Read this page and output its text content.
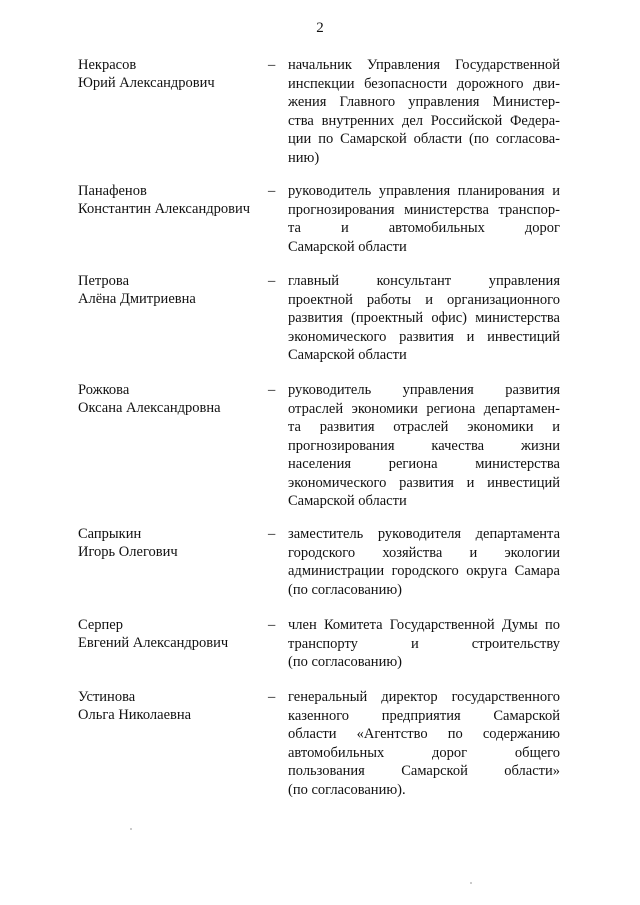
2
Некрасов
Юрий Александрович
– начальник Управления Государственной
инспекции безопасности дорожного дви-
жения Главного управления Министер-
ства внутренних дел Российской Федера-
ции по Самарской области (по согласова-
нию)
Панафенов
Константин Александрович
– руководитель управления планирования и
прогнозирования министерства транспор-
та и автомобильных дорог
Самарской области
Петрова
Алёна Дмитриевна
– главный консультант управления
проектной работы и организационного
развития (проектный офис) министерства
экономического развития и инвестиций
Самарской области
Рожкова
Оксана Александровна
– руководитель управления развития
отраслей экономики региона департамен-
та развития отраслей экономики и
прогнозирования качества жизни
населения региона министерства
экономического развития и инвестиций
Самарской области
Сапрыкин
Игорь Олегович
– заместитель руководителя департамента
городского хозяйства и экологии
администрации городского округа Самара
(по согласованию)
Серпер
Евгений Александрович
– член Комитета Государственной Думы по
транспорту и строительству
(по согласованию)
Устинова
Ольга Николаевна
– генеральный директор государственного
казенного предприятия Самарской
области «Агентство по содержанию
автомобильных дорог общего
пользования Самарской области»
(по согласованию).
